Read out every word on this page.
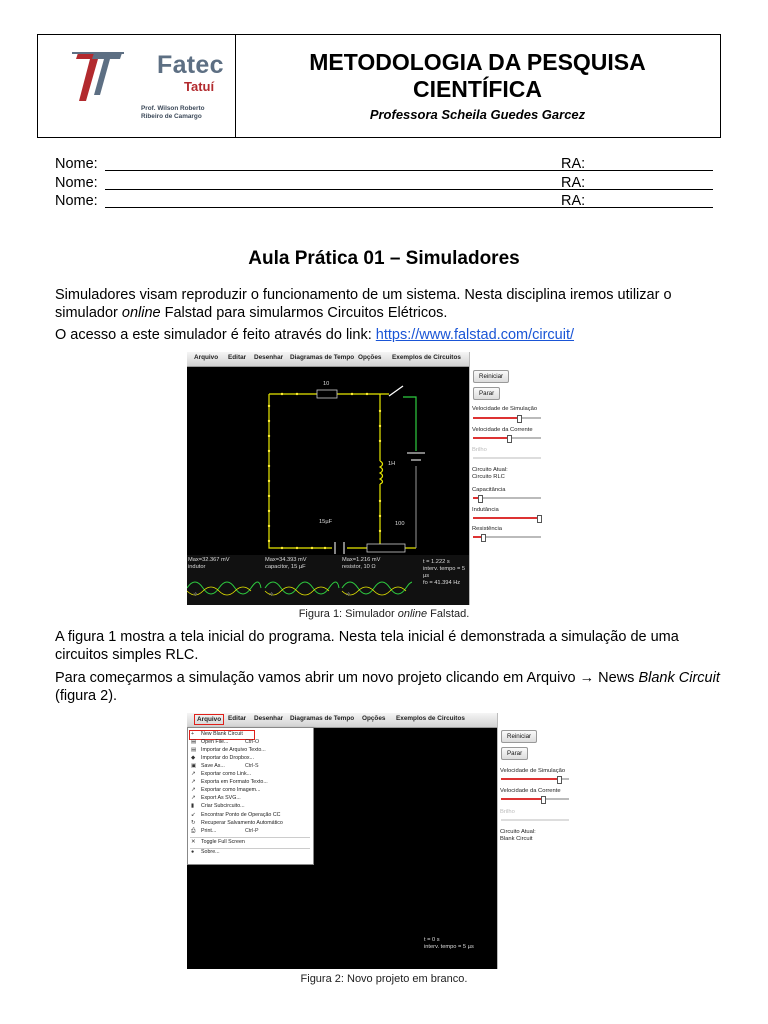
Fatec
Tatuí
Prof. Wilson Roberto
Ribeiro de Camargo
METODOLOGIA DA PESQUISA
CIENTÍFICA
Professora Scheila Guedes Garcez
Nome:	RA:
Nome:	RA:
Nome:	RA:
Aula Prática 01 – Simuladores
Simuladores visam reproduzir o funcionamento de um sistema. Nesta disciplina iremos utilizar o simulador online Falstad para simularmos Circuitos Elétricos.
O acesso a este simulador é feito através do link: https://www.falstad.com/circuit/
Arquivo Editar Desenhar Diagramas de Tempo Opções Exemplos de Circuitos
10
1H
15µF	100
Max=32.367 mV
indutor
Max=34.393 mV
capacitor, 15 µF
Max=1.216 mV
resistor, 10 Ω
t = 1.222 s
interv. tempo = 5 µs
fo = 41.394 Hz
✲	✲	✲
Reiniciar
Parar
Velocidade de Simulação
Velocidade da Corrente
Brilho
Circuito Atual:
Circuito RLC
Capacitância
Indutância
Resistência
Figura 1: Simulador online Falstad.
A figura 1 mostra a tela inicial do programa. Nesta tela inicial é demonstrada a simulação de uma circuitos simples RLC.
Para começarmos a simulação vamos abrir um novo projeto clicando em Arquivo → News Blank Circuit (figura 2).
Arquivo	Editar Desenhar Diagramas de Tempo Opções Exemplos de Circuitos
+ New Blank Circuit
▤ Open File...	Ctrl-O
▤ Importar de Arquivo Texto...
◆ Importar do Dropbox...
▣ Save As...	Ctrl-S
↗ Exportar como Link...
↗ Exporta em Formato Texto...
↗ Exportar como Imagem...
↗ Export As SVG...
▮ Criar Subcircuito...
↙ Encontrar Ponto de Operação CC
↻ Recuperar Salvamento Automático
⎙ Print...	Ctrl-P
✕ Toggle Full Screen
● Sobre...
t = 0 s
interv. tempo = 5 µs
Reiniciar
Parar
Velocidade de Simulação
Velocidade da Corrente
Brilho
Circuito Atual:
Blank Circuit
Figura 2: Novo projeto em branco.
